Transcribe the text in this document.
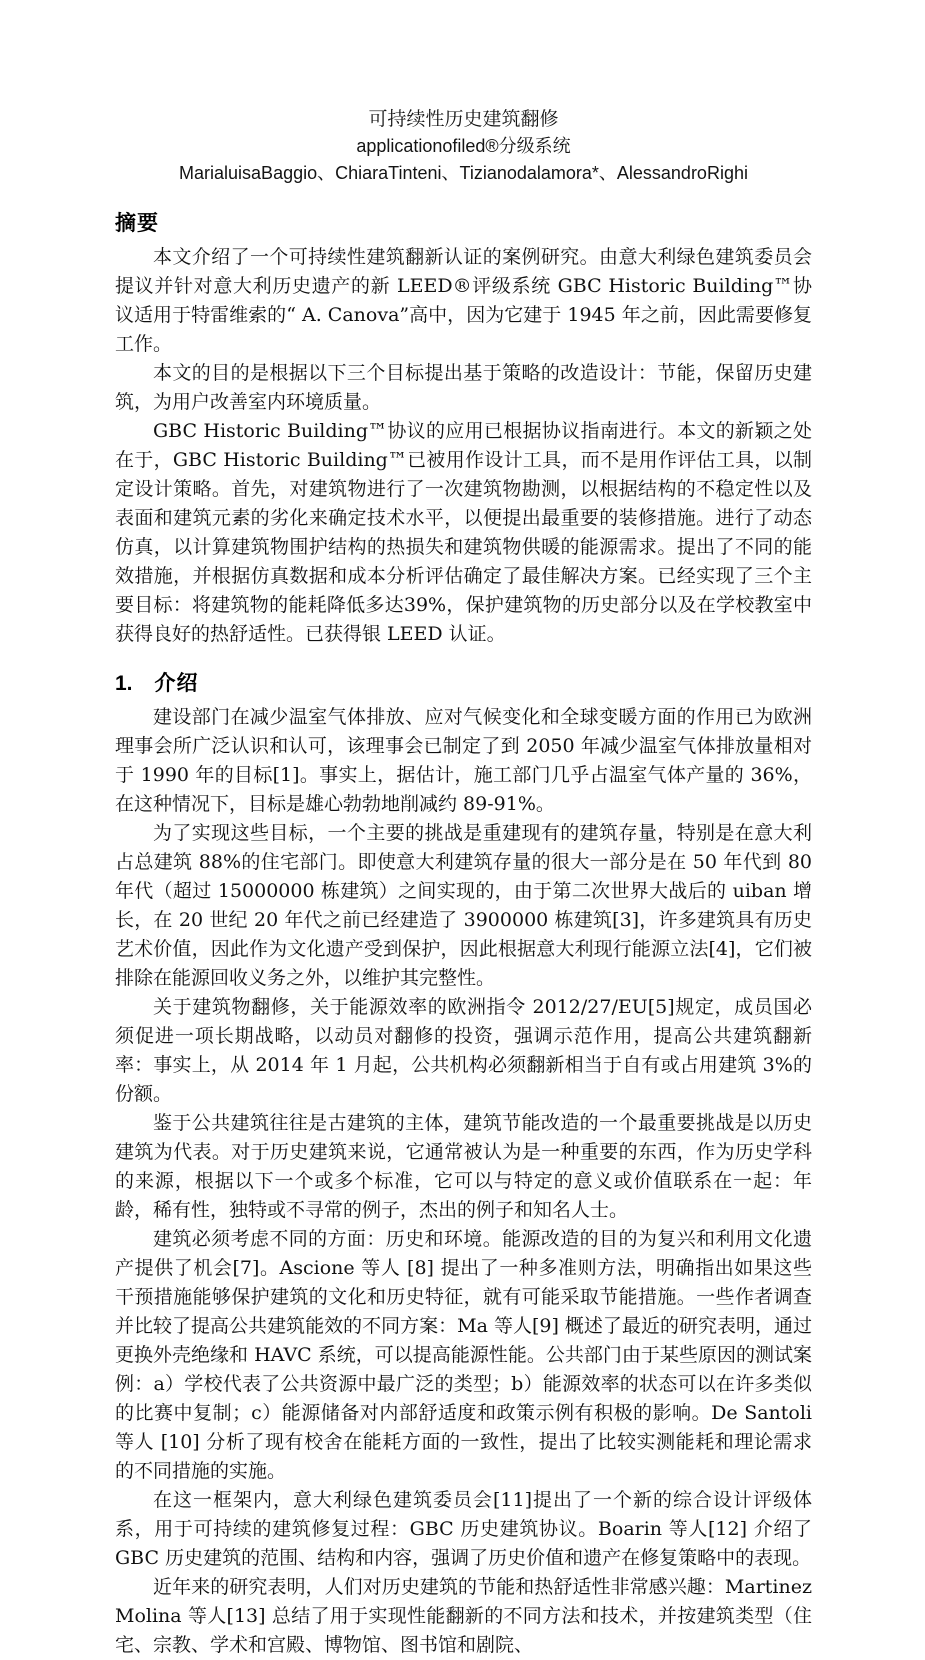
可持续性历史建筑翻修
applicationofiled®分级系统
MarialuisaBaggio、ChiaraTinteni、Tizianodalamora*、AlessandroRighi
摘要

本文介绍了一个可持续性建筑翻新认证的案例研究。由意大利绿色建筑委员会提议并针对意大利历史遗产的新 LEED®评级系统 GBC Historic Building™协议适用于特雷维索的“ A. Canova”高中，因为它建于 1945 年之前，因此需要修复工作。

本文的目的是根据以下三个目标提出基于策略的改造设计：节能，保留历史建筑，为用户改善室内环境质量。

GBC Historic Building™协议的应用已根据协议指南进行。本文的新颖之处在于，GBC Historic Building™已被用作设计工具，而不是用作评估工具，以制定设计策略。首先，对建筑物进行了一次建筑物勘测，以根据结构的不稳定性以及表面和建筑元素的劣化来确定技术水平，以便提出最重要的装修措施。进行了动态仿真，以计算建筑物围护结构的热损失和建筑物供暖的能源需求。提出了不同的能效措施，并根据仿真数据和成本分析评估确定了最佳解决方案。已经实现了三个主要目标：将建筑物的能耗降低多达39%，保护建筑物的历史部分以及在学校教室中获得良好的热舒适性。已获得银 LEED 认证。

1. 介绍

建设部门在减少温室气体排放、应对气候变化和全球变暖方面的作用已为欧洲理事会所广泛认识和认可，该理事会已制定了到 2050 年减少温室气体排放量相对于 1990 年的目标[1]。事实上，据估计，施工部门几乎占温室气体产量的 36%，在这种情况下，目标是雄心勃勃地削减约 89-91%。

为了实现这些目标，一个主要的挑战是重建现有的建筑存量，特别是在意大利占总建筑 88%的住宅部门。即使意大利建筑存量的很大一部分是在 50 年代到 80 年代（超过 15000000 栋建筑）之间实现的，由于第二次世界大战后的 uiban 增长，在 20 世纪 20 年代之前已经建造了 3900000 栋建筑[3]，许多建筑具有历史艺术价值，因此作为文化遗产受到保护，因此根据意大利现行能源立法[4]，它们被排除在能源回收义务之外，以维护其完整性。

关于建筑物翻修，关于能源效率的欧洲指令 2012/27/EU[5]规定，成员国必须促进一项长期战略，以动员对翻修的投资，强调示范作用，提高公共建筑翻新率：事实上，从 2014 年 1 月起，公共机构必须翻新相当于自有或占用建筑 3%的份额。

鉴于公共建筑往往是古建筑的主体，建筑节能改造的一个最重要挑战是以历史建筑为代表。对于历史建筑来说，它通常被认为是一种重要的东西，作为历史学科的来源，根据以下一个或多个标准，它可以与特定的意义或价值联系在一起：年龄，稀有性，独特或不寻常的例子，杰出的例子和知名人士。

建筑必须考虑不同的方面：历史和环境。能源改造的目的为复兴和利用文化遗产提供了机会[7]。Ascione 等人 [8] 提出了一种多准则方法，明确指出如果这些干预措施能够保护建筑的文化和历史特征，就有可能采取节能措施。一些作者调查并比较了提高公共建筑能效的不同方案：Ma 等人[9] 概述了最近的研究表明，通过更换外壳绝缘和 HAVC 系统，可以提高能源性能。公共部门由于某些原因的测试案例：a）学校代表了公共资源中最广泛的类型；b）能源效率的状态可以在许多类似的比赛中复制；c）能源储备对内部舒适度和政策示例有积极的影响。De Santoli 等人 [10] 分析了现有校舍在能耗方面的一致性，提出了比较实测能耗和理论需求的不同措施的实施。

在这一框架内，意大利绿色建筑委员会[11]提出了一个新的综合设计评级体系，用于可持续的建筑修复过程：GBC 历史建筑协议。Boarin 等人[12] 介绍了 GBC 历史建筑的范围、结构和内容，强调了历史价值和遗产在修复策略中的表现。

近年来的研究表明，人们对历史建筑的节能和热舒适性非常感兴趣：Martinez Molina 等人[13] 总结了用于实现性能翻新的不同方法和技术，并按建筑类型（住宅、宗教、学术和宫殿、博物馆、图书馆和剧院、
